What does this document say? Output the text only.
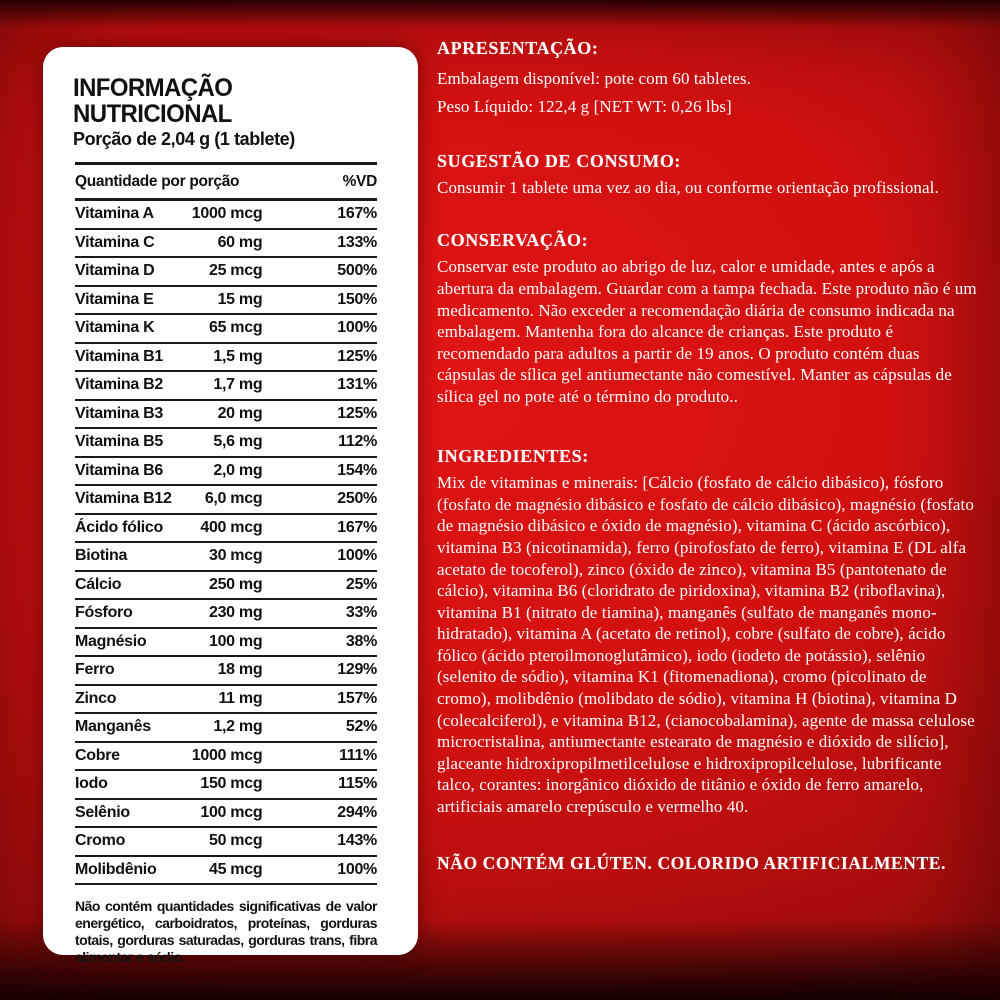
INFORMAÇÃO NUTRICIONAL
Porção de 2,04 g (1 tablete)
Quantidade por porção		%VD
Vitamina A	1000 mcg	167%
Vitamina C	60 mg	133%
Vitamina D	25 mcg	500%
Vitamina E	15 mg	150%
Vitamina K	65 mcg	100%
Vitamina B1	1,5 mg	125%
Vitamina B2	1,7 mg	131%
Vitamina B3	20 mg	125%
Vitamina B5	5,6 mg	112%
Vitamina B6	2,0 mg	154%
Vitamina B12	6,0 mcg	250%
Ácido fólico	400 mcg	167%
Biotina	30 mcg	100%
Cálcio	250 mg	25%
Fósforo	230 mg	33%
Magnésio	100 mg	38%
Ferro	18 mg	129%
Zinco	11 mg	157%
Manganês	1,2 mg	52%
Cobre	1000 mcg	111%
Iodo	150 mcg	115%
Selênio	100 mcg	294%
Cromo	50 mcg	143%
Molibdênio	45 mcg	100%
Não contém quantidades significativas de valor energético, carboidratos, proteínas, gorduras totais, gorduras saturadas, gorduras trans, fibra alimentar e sódio.
APRESENTAÇÃO:
Embalagem disponível: pote com 60 tabletes.
Peso Líquido: 122,4 g [NET WT: 0,26 lbs]
SUGESTÃO DE CONSUMO:
Consumir 1 tablete uma vez ao dia, ou conforme orientação profissional.
CONSERVAÇÃO:
Conservar este produto ao abrigo de luz, calor e umidade, antes e após a abertura da embalagem. Guardar com a tampa fechada. Este produto não é um medicamento. Não exceder a recomendação diária de consumo indicada na embalagem. Mantenha fora do alcance de crianças. Este produto é recomendado para adultos a partir de 19 anos. O produto contém duas cápsulas de sílica gel antiumectante não comestível. Manter as cápsulas de sílica gel no pote até o término do produto..
INGREDIENTES:
Mix de vitaminas e minerais: [Cálcio (fosfato de cálcio dibásico), fósforo (fosfato de magnésio dibásico e fosfato de cálcio dibásico), magnésio (fosfato de magnésio dibásico e óxido de magnésio), vitamina C (ácido ascórbico), vitamina B3 (nicotinamida), ferro (pirofosfato de ferro), vitamina E (DL alfa acetato de tocoferol), zinco (óxido de zinco), vitamina B5 (pantotenato de cálcio), vitamina B6 (cloridrato de piridoxina), vitamina B2 (riboflavina), vitamina B1 (nitrato de tiamina), manganês (sulfato de manganês mono-hidratado), vitamina A (acetato de retinol), cobre (sulfato de cobre), ácido fólico (ácido pteroilmonoglutâmico), iodo (iodeto de potássio), selênio (selenito de sódio), vitamina K1 (fitomenadiona), cromo (picolinato de cromo), molibdênio (molibdato de sódio), vitamina H (biotina), vitamina D (colecalciferol), e vitamina B12, (cianocobalamina), agente de massa celulose microcristalina, antiumectante estearato de magnésio e dióxido de silício], glaceante hidroxipropilmetilcelulose e hidroxipropilcelulose, lubrificante talco, corantes: inorgânico dióxido de titânio e óxido de ferro amarelo, artificiais amarelo crepúsculo e vermelho 40.
NÃO CONTÉM GLÚTEN. COLORIDO ARTIFICIALMENTE.
